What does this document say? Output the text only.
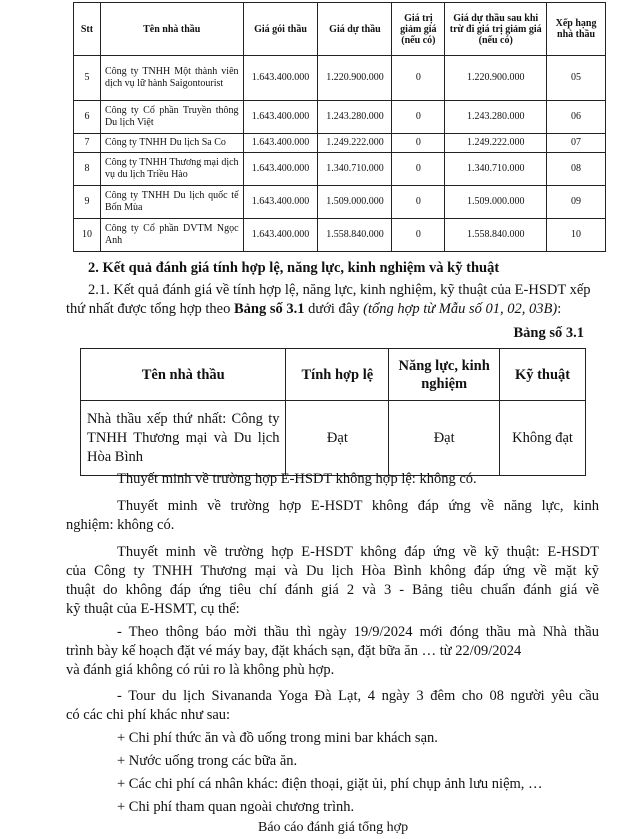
Stt	Tên nhà thầu	Giá gói thầu	Giá dự thầu	Giá trị giảm giá (nếu có)	Giá dự thầu sau khi trừ đi giá trị giảm giá (nếu có)	Xếp hạng nhà thầu
5	Công ty TNHH Một thành viên dịch vụ lữ hành Saigontourist	1.643.400.000	1.220.900.000	0	1.220.900.000	05
6	Công ty Cổ phần Truyền thông Du lịch Việt	1.643.400.000	1.243.280.000	0	1.243.280.000	06
7	Công ty TNHH Du lịch Sa Co	1.643.400.000	1.249.222.000	0	1.249.222.000	07
8	Công ty TNHH Thương mại dịch vụ du lịch Triều Hào	1.643.400.000	1.340.710.000	0	1.340.710.000	08
9	Công ty TNHH Du lịch quốc tế Bốn Mùa	1.643.400.000	1.509.000.000	0	1.509.000.000	09
10	Công ty Cổ phần DVTM Ngọc Anh	1.643.400.000	1.558.840.000	0	1.558.840.000	10
2. Kết quả đánh giá tính hợp lệ, năng lực, kinh nghiệm và kỹ thuật
2.1. Kết quả đánh giá về tính hợp lệ, năng lực, kinh nghiệm, kỹ thuật của E-HSDT xếp
thứ nhất được tổng hợp theo Bảng số 3.1 dưới đây (tổng hợp từ Mẫu số 01, 02, 03B):
Bảng số 3.1
Tên nhà thầu	Tính hợp lệ	Năng lực, kinh nghiệm	Kỹ thuật
Nhà thầu xếp thứ nhất: Công ty TNHH Thương mại và Du lịch Hòa Bình	Đạt	Đạt	Không đạt
Thuyết minh về trường hợp E-HSDT không hợp lệ: không có.
Thuyết minh về trường hợp E-HSDT không đáp ứng về năng lực, kinh
nghiệm: không có.
Thuyết minh về trường hợp E-HSDT không đáp ứng về kỹ thuật: E-HSDT
của Công ty TNHH Thương mại và Du lịch Hòa Bình không đáp ứng về mặt kỹ
thuật do không đáp ứng tiêu chí đánh giá 2 và 3 - Bảng tiêu chuẩn đánh giá về
kỹ thuật của E-HSMT, cụ thể:
- Theo thông báo mời thầu thì ngày 19/9/2024 mới đóng thầu mà Nhà thầu
trình bày kế hoạch đặt vé máy bay, đặt khách sạn, đặt bữa ăn … từ 22/09/2024
và đánh giá không có rủi ro là không phù hợp.
- Tour du lịch Sivananda Yoga Đà Lạt, 4 ngày 3 đêm cho 08 người yêu cầu
có các chi phí khác như sau:
+ Chi phí thức ăn và đồ uống trong mini bar khách sạn.
+ Nước uống trong các bữa ăn.
+ Các chi phí cá nhân khác: điện thoại, giặt ủi, phí chụp ảnh lưu niệm, …
+ Chi phí tham quan ngoài chương trình.
Báo cáo đánh giá tổng hợp
